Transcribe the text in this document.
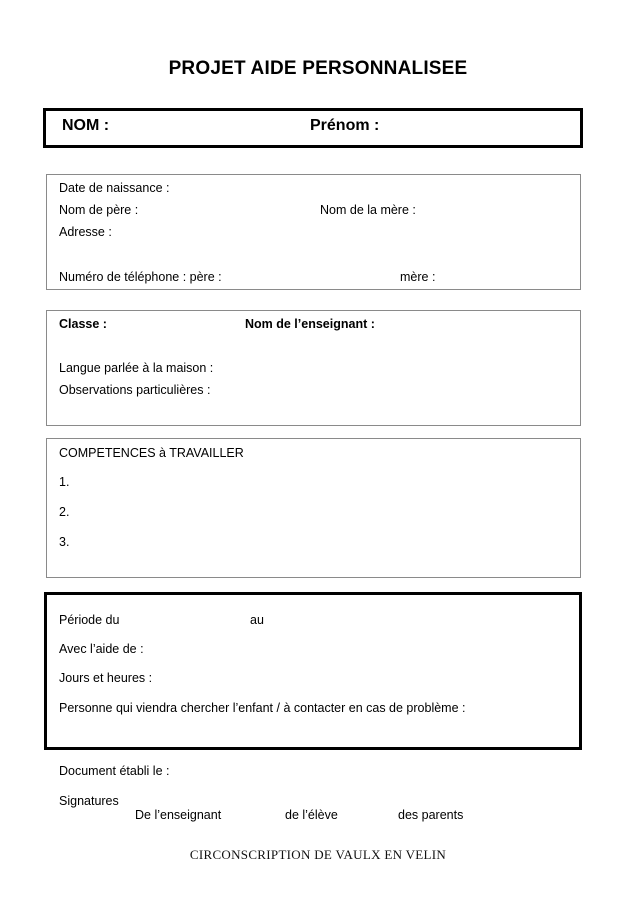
PROJET AIDE PERSONNALISEE
NOM :	Prénom :
Date de naissance :
Nom de père :	Nom de la mère :
Adresse :
Numéro de téléphone : père :	mère :
Classe :	Nom de l’enseignant :
Langue parlée à la maison :
Observations particulières :
COMPETENCES à TRAVAILLER
1.
2.
3.
Période du	au
Avec l’aide de :
Jours et heures :
Personne qui viendra chercher l’enfant / à contacter en cas de problème :
Document établi le :
Signatures
De l’enseignant	de l’élève	des parents
CIRCONSCRIPTION DE VAULX EN VELIN
